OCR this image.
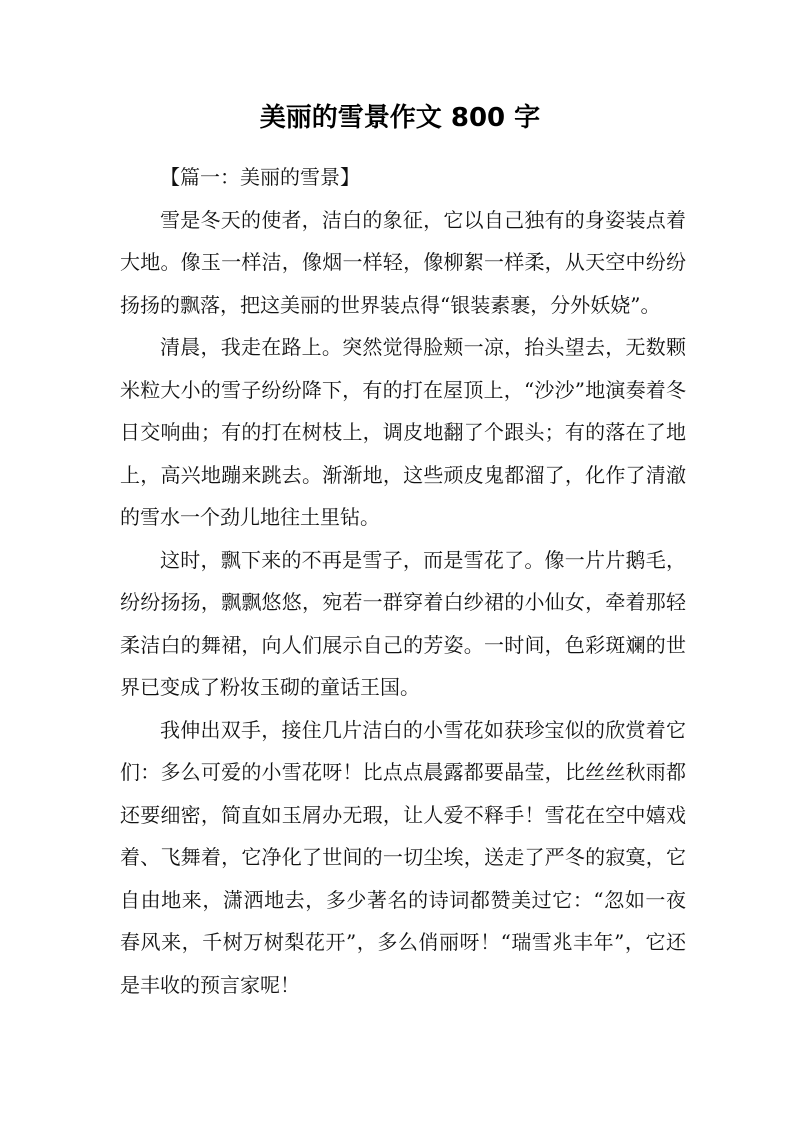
美丽的雪景作文 800 字

【篇一：美丽的雪景】

雪是冬天的使者，洁白的象征，它以自己独有的身姿装点着大地。像玉一样洁，像烟一样轻，像柳絮一样柔，从天空中纷纷扬扬的飘落，把这美丽的世界装点得“银装素裹，分外妖娆”。

清晨，我走在路上。突然觉得脸颊一凉，抬头望去，无数颗米粒大小的雪子纷纷降下，有的打在屋顶上，“沙沙”地演奏着冬日交响曲；有的打在树枝上，调皮地翻了个跟头；有的落在了地上，高兴地蹦来跳去。渐渐地，这些顽皮鬼都溜了，化作了清澈的雪水一个劲儿地往土里钻。

这时，飘下来的不再是雪子，而是雪花了。像一片片鹅毛，纷纷扬扬，飘飘悠悠，宛若一群穿着白纱裙的小仙女，牵着那轻柔洁白的舞裙，向人们展示自己的芳姿。一时间，色彩斑斓的世界已变成了粉妆玉砌的童话王国。

我伸出双手，接住几片洁白的小雪花如获珍宝似的欣赏着它们：多么可爱的小雪花呀！比点点晨露都要晶莹，比丝丝秋雨都还要细密，简直如玉屑办无瑕，让人爱不释手！雪花在空中嬉戏着、飞舞着，它净化了世间的一切尘埃，送走了严冬的寂寞，它自由地来，潇洒地去，多少著名的诗词都赞美过它：“忽如一夜春风来，千树万树梨花开”，多么俏丽呀！“瑞雪兆丰年”，它还是丰收的预言家呢！
